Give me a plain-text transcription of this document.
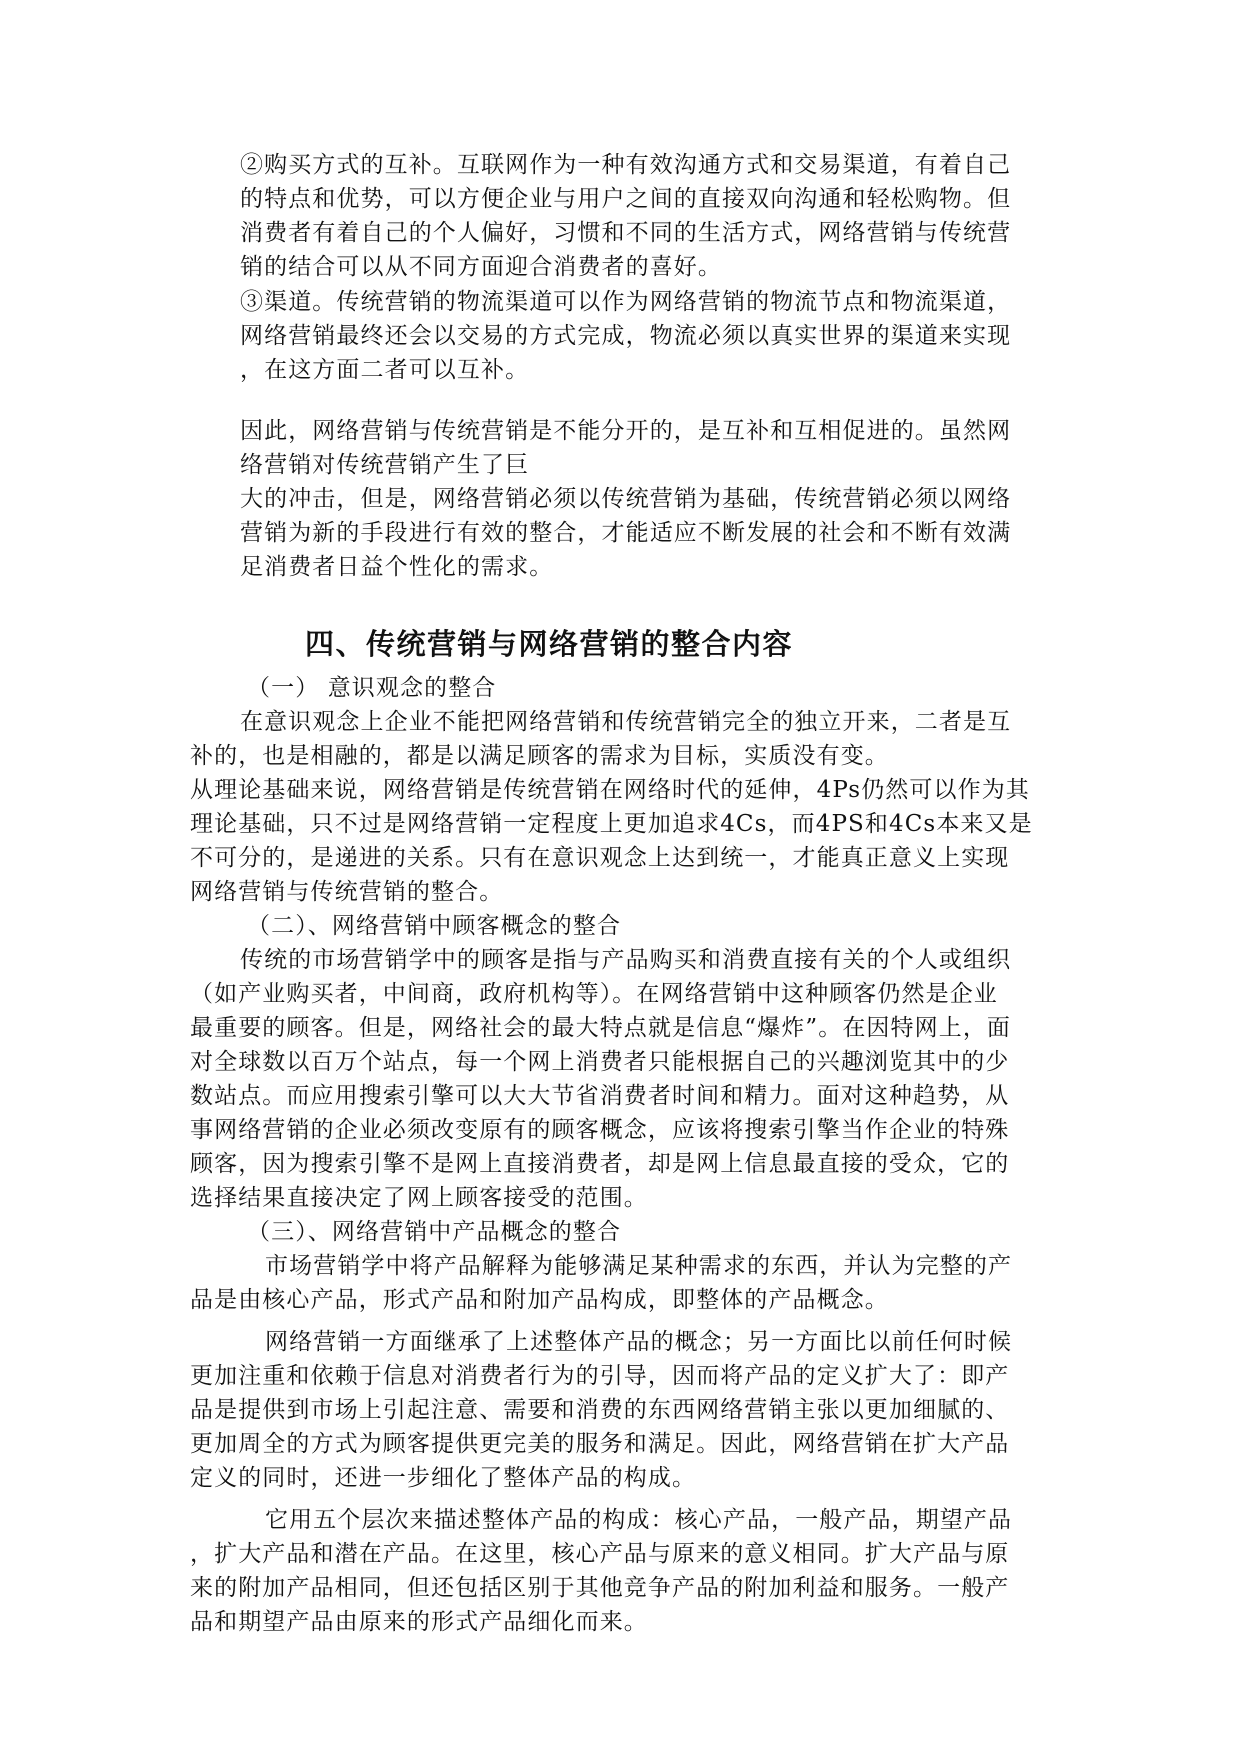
②购买方式的互补。互联网作为一种有效沟通方式和交易渠道，有着自己

的特点和优势，可以方便企业与用户之间的直接双向沟通和轻松购物。但

消费者有着自己的个人偏好，习惯和不同的生活方式，网络营销与传统营

销的结合可以从不同方面迎合消费者的喜好。

③渠道。传统营销的物流渠道可以作为网络营销的物流节点和物流渠道，

网络营销最终还会以交易的方式完成，物流必须以真实世界的渠道来实现

，在这方面二者可以互补。

因此，网络营销与传统营销是不能分开的，是互补和互相促进的。虽然网

络营销对传统营销产生了巨

大的冲击，但是，网络营销必须以传统营销为基础，传统营销必须以网络

营销为新的手段进行有效的整合，才能适应不断发展的社会和不断有效满

足消费者日益个性化的需求。

四、传统营销与网络营销的整合内容

（一） 意识观念的整合

在意识观念上企业不能把网络营销和传统营销完全的独立开来，二者是互

补的，也是相融的，都是以满足顾客的需求为目标，实质没有变。

从理论基础来说，网络营销是传统营销在网络时代的延伸，4Ps仍然可以作为其

理论基础，只不过是网络营销一定程度上更加追求4Cs，而4PS和4Cs本来又是

不可分的，是递进的关系。只有在意识观念上达到统一，才能真正意义上实现

网络营销与传统营销的整合。

（二）、网络营销中顾客概念的整合

传统的市场营销学中的顾客是指与产品购买和消费直接有关的个人或组织

（如产业购买者，中间商，政府机构等）。在网络营销中这种顾客仍然是企业

最重要的顾客。但是，网络社会的最大特点就是信息“爆炸”。在因特网上，面

对全球数以百万个站点，每一个网上消费者只能根据自己的兴趣浏览其中的少

数站点。而应用搜索引擎可以大大节省消费者时间和精力。面对这种趋势，从

事网络营销的企业必须改变原有的顾客概念，应该将搜索引擎当作企业的特殊

顾客，因为搜索引擎不是网上直接消费者，却是网上信息最直接的受众，它的

选择结果直接决定了网上顾客接受的范围。

（三）、网络营销中产品概念的整合

市场营销学中将产品解释为能够满足某种需求的东西，并认为完整的产

品是由核心产品，形式产品和附加产品构成，即整体的产品概念。

网络营销一方面继承了上述整体产品的概念；另一方面比以前任何时候

更加注重和依赖于信息对消费者行为的引导，因而将产品的定义扩大了：即产

品是提供到市场上引起注意、需要和消费的东西网络营销主张以更加细腻的、

更加周全的方式为顾客提供更完美的服务和满足。因此，网络营销在扩大产品

定义的同时，还进一步细化了整体产品的构成。

它用五个层次来描述整体产品的构成：核心产品，一般产品，期望产品

，扩大产品和潜在产品。在这里，核心产品与原来的意义相同。扩大产品与原

来的附加产品相同，但还包括区别于其他竞争产品的附加利益和服务。一般产

品和期望产品由原来的形式产品细化而来。
